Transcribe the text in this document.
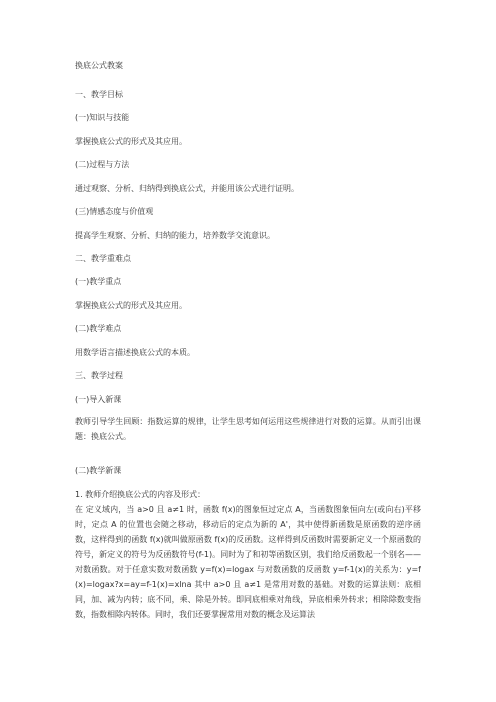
换底公式教案
一、教学目标
(一)知识与技能
掌握换底公式的形式及其应用。
(二)过程与方法
通过观察、分析、归纳得到换底公式，并能用该公式进行证明。
(三)情感态度与价值观
提高学生观察、分析、归纳的能力，培养数学交流意识。
二、教学重难点
(一)教学重点
掌握换底公式的形式及其应用。
(二)教学难点
用数学语言描述换底公式的本质。
三、教学过程
(一)导入新课
教师引导学生回顾：指数运算的规律，让学生思考如何运用这些规律进行对数的运算。从而引出课题：换底公式。
(二)教学新课
1. 教师介绍换底公式的内容及形式：
在 定义域内，当 a>0 且 a≠1 时，函数 f(x)的图象恒过定点 A，当函数图象恒向左(或向右)平移时，定点 A 的位置也会随之移动，移动后的定点为新的 A'，其中使得新函数是原函数的逆序函数，这样得到的函数 f(x)就叫做原函数 f(x)的反函数。这样得到反函数时需要新定义一个原函数的符号，新定义的符号为反函数符号(f-1)。同时为了和初等函数区别，我们给反函数起一个别名——对数函数。对于任意实数对数函数 y=f(x)=logax 与对数函数的反函数 y=f-1(x)的关系为：y=f(x)=logax?x=ay=f-1(x)=xlna 其中 a>0 且 a≠1 是常用对数的基础。对数的运算法则：底相同，加、减为内转；底不同，乘、除是外转。即同底相乘对角线，异底相乘外转求；相除除数变指数，指数相除内转体。同时，我们还要掌握常用对数的概念及运算法
